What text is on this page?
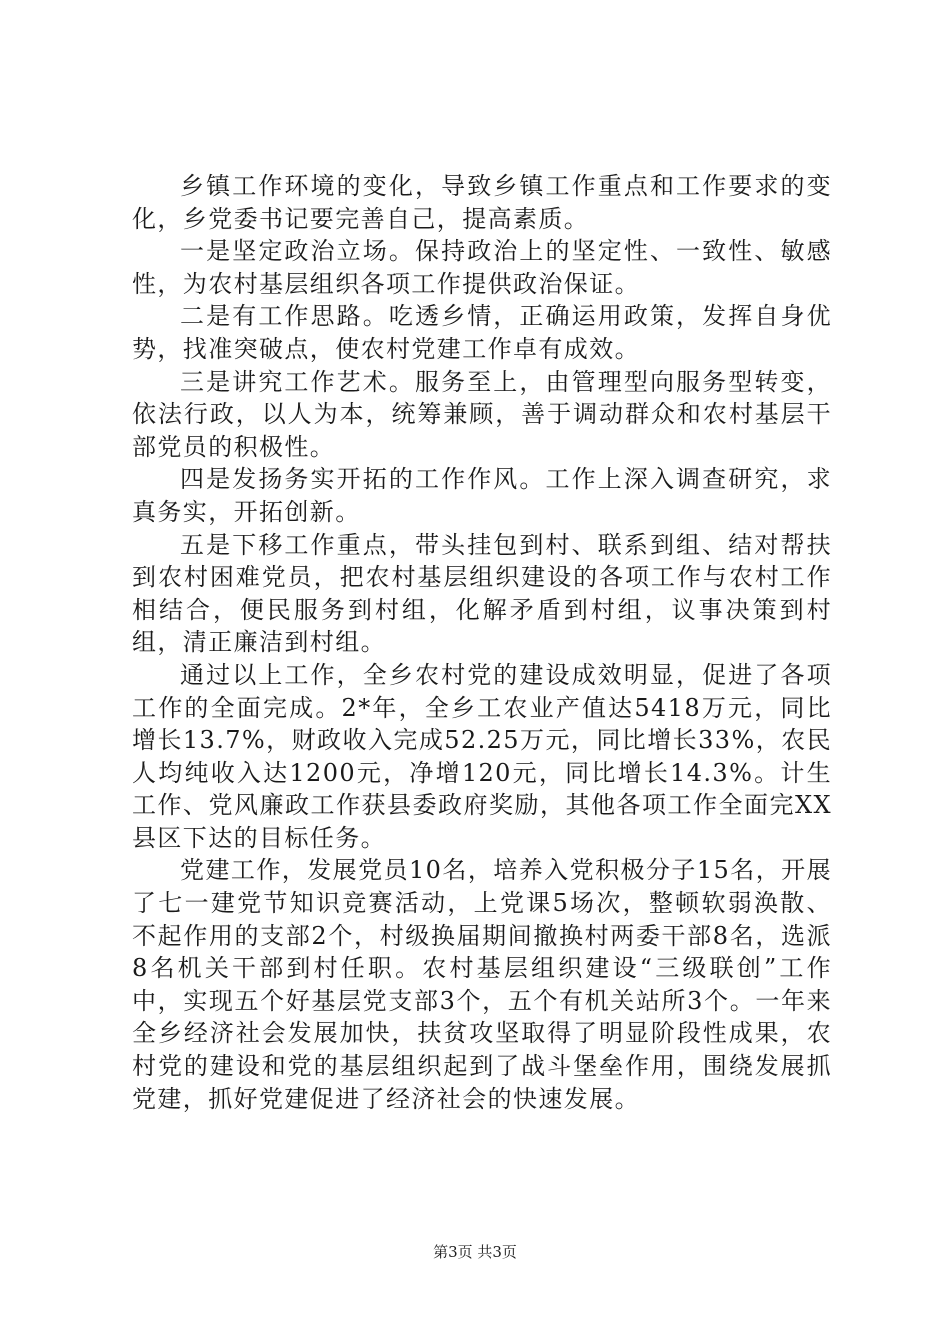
乡镇工作环境的变化，导致乡镇工作重点和工作要求的变化，乡党委书记要完善自己，提高素质。

一是坚定政治立场。保持政治上的坚定性、一致性、敏感性，为农村基层组织各项工作提供政治保证。

二是有工作思路。吃透乡情，正确运用政策，发挥自身优势，找准突破点，使农村党建工作卓有成效。

三是讲究工作艺术。服务至上，由管理型向服务型转变，依法行政，以人为本，统筹兼顾，善于调动群众和农村基层干部党员的积极性。

四是发扬务实开拓的工作作风。工作上深入调查研究，求真务实，开拓创新。

五是下移工作重点，带头挂包到村、联系到组、结对帮扶到农村困难党员，把农村基层组织建设的各项工作与农村工作相结合，便民服务到村组，化解矛盾到村组，议事决策到村组，清正廉洁到村组。

通过以上工作，全乡农村党的建设成效明显，促进了各项工作的全面完成。2*年，全乡工农业产值达5418万元，同比增长13.7%，财政收入完成52.25万元，同比增长33%，农民人均纯收入达1200元，净增120元，同比增长14.3%。计生工作、党风廉政工作获县委政府奖励，其他各项工作全面完XX县区下达的目标任务。

党建工作，发展党员10名，培养入党积极分子15名，开展了七一建党节知识竞赛活动，上党课5场次，整顿软弱涣散、不起作用的支部2个，村级换届期间撤换村两委干部8名，选派8名机关干部到村任职。农村基层组织建设“三级联创”工作中，实现五个好基层党支部3个，五个有机关站所3个。一年来全乡经济社会发展加快，扶贫攻坚取得了明显阶段性成果，农村党的建设和党的基层组织起到了战斗堡垒作用，围绕发展抓党建，抓好党建促进了经济社会的快速发展。

第3页 共3页
